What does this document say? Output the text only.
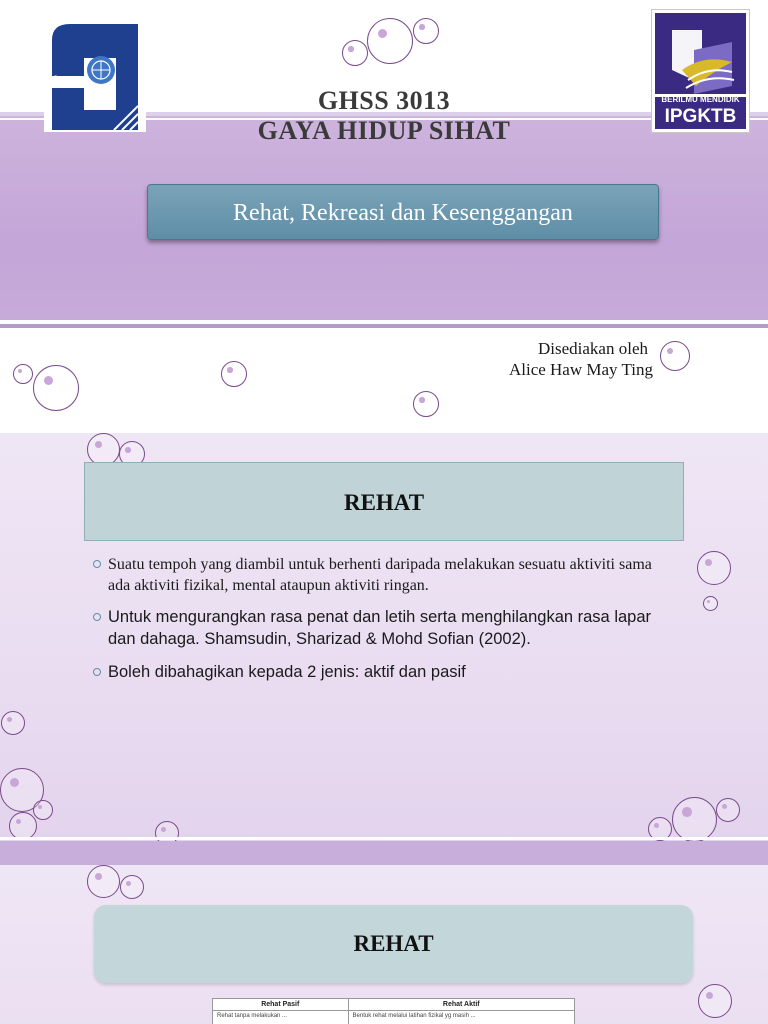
iPG
BERILMU MENDIDIK
IPGKTB
GHSS 3013
GAYA HIDUP SIHAT
Rehat, Rekreasi dan Kesenggangan
Disediakan oleh
Alice Haw May Ting
REHAT
Suatu tempoh yang diambil untuk berhenti daripada melakukan sesuatu aktiviti sama ada aktiviti fizikal, mental ataupun aktiviti ringan.
Untuk mengurangkan rasa penat dan letih serta menghilangkan rasa lapar dan dahaga. Shamsudin, Sharizad & Mohd Sofian (2002).
Boleh dibahagikan kepada 2 jenis: aktif dan pasif
REHAT
Rehat Pasif	Rehat Aktif
Rehat tanpa melakukan ...	Bentuk rehat melalui latihan fizikal yg masih ...
